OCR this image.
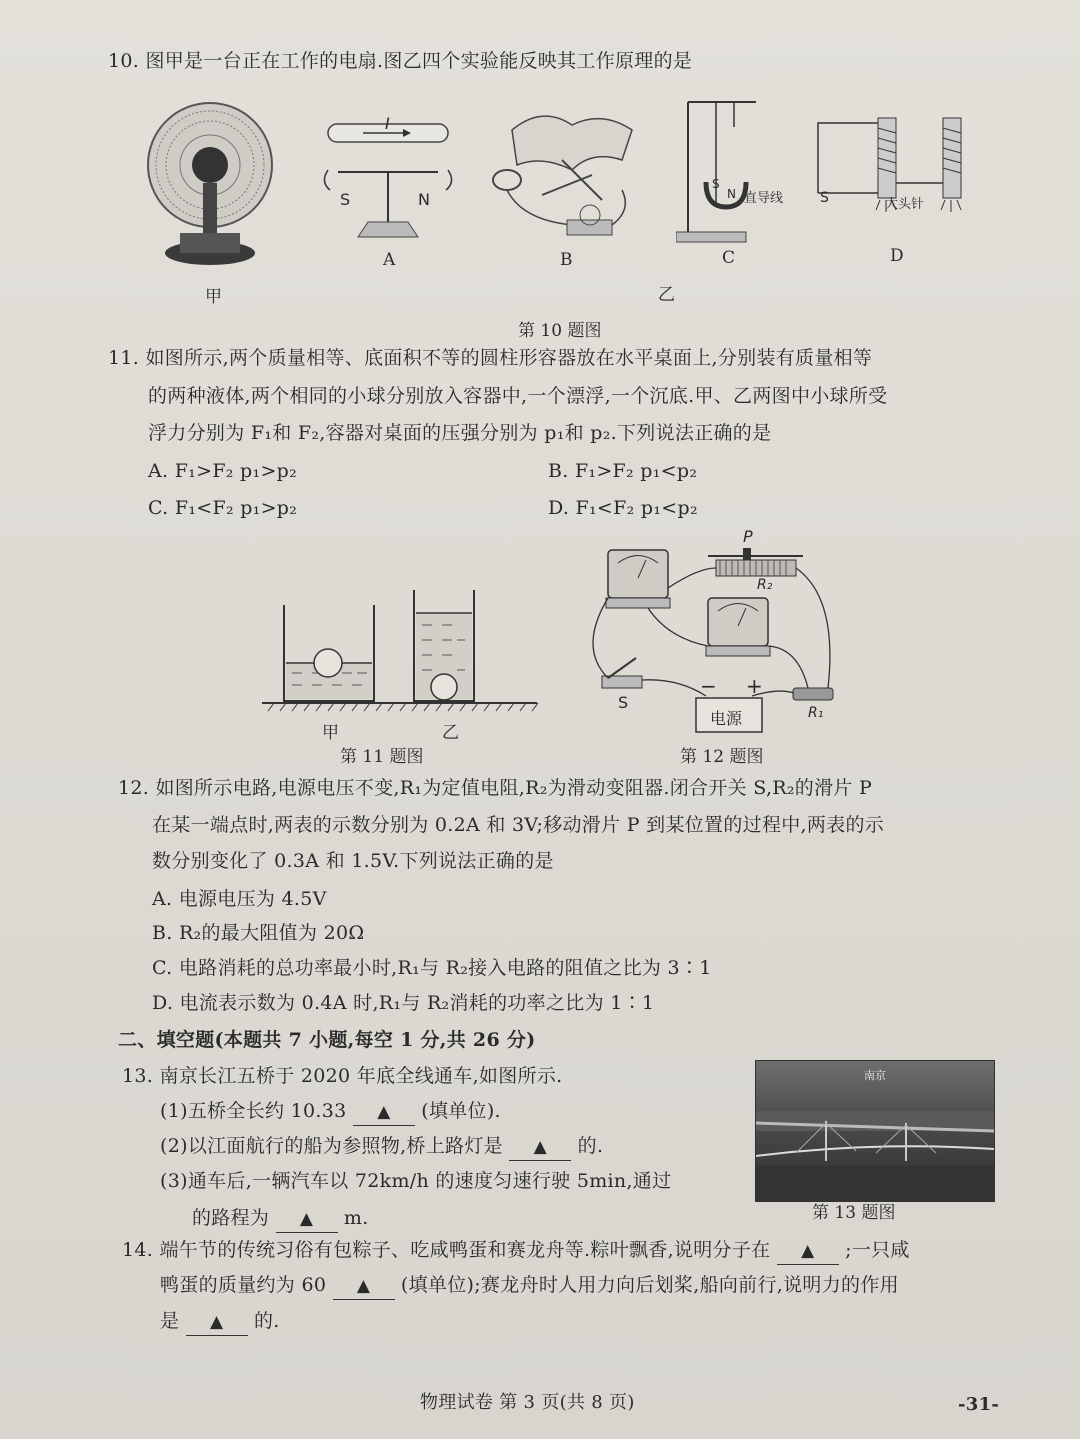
10. 图甲是一台正在工作的电扇.图乙四个实验能反映其工作原理的是
甲
I
S	N
A	B
S
N 直导线
C
S	大头针
D
乙
第 10 题图
11. 如图所示,两个质量相等、底面积不等的圆柱形容器放在水平桌面上,分别装有质量相等
的两种液体,两个相同的小球分别放入容器中,一个漂浮,一个沉底.甲、乙两图中小球所受
浮力分别为 F₁和 F₂,容器对桌面的压强分别为 p₁和 p₂.下列说法正确的是
A. F₁>F₂ p₁>p₂	B. F₁>F₂ p₁<p₂
C. F₁<F₂ p₁>p₂	D. F₁<F₂ p₁<p₂
甲	乙
第 11 题图
P
R₂
R₁
S
− +
电源
第 12 题图
12. 如图所示电路,电源电压不变,R₁为定值电阻,R₂为滑动变阻器.闭合开关 S,R₂的滑片 P
在某一端点时,两表的示数分别为 0.2A 和 3V;移动滑片 P 到某位置的过程中,两表的示
数分别变化了 0.3A 和 1.5V.下列说法正确的是
A. 电源电压为 4.5V
B. R₂的最大阻值为 20Ω
C. 电路消耗的总功率最小时,R₁与 R₂接入电路的阻值之比为 3∶1
D. 电流表示数为 0.4A 时,R₁与 R₂消耗的功率之比为 1∶1
二、填空题(本题共 7 小题,每空 1 分,共 26 分)
13. 南京长江五桥于 2020 年底全线通车,如图所示.
(1)五桥全长约 10.33 ▲ (填单位).
(2)以江面航行的船为参照物,桥上路灯是 ▲ 的.
(3)通车后,一辆汽车以 72km/h 的速度匀速行驶 5min,通过
的路程为 ▲ m.
南京
第 13 题图
14. 端午节的传统习俗有包粽子、吃咸鸭蛋和赛龙舟等.粽叶飘香,说明分子在 ▲ ;一只咸
鸭蛋的质量约为 60 ▲ (填单位);赛龙舟时人用力向后划桨,船向前行,说明力的作用
是 ▲ 的.
物理试卷 第 3 页(共 8 页)	-31-
